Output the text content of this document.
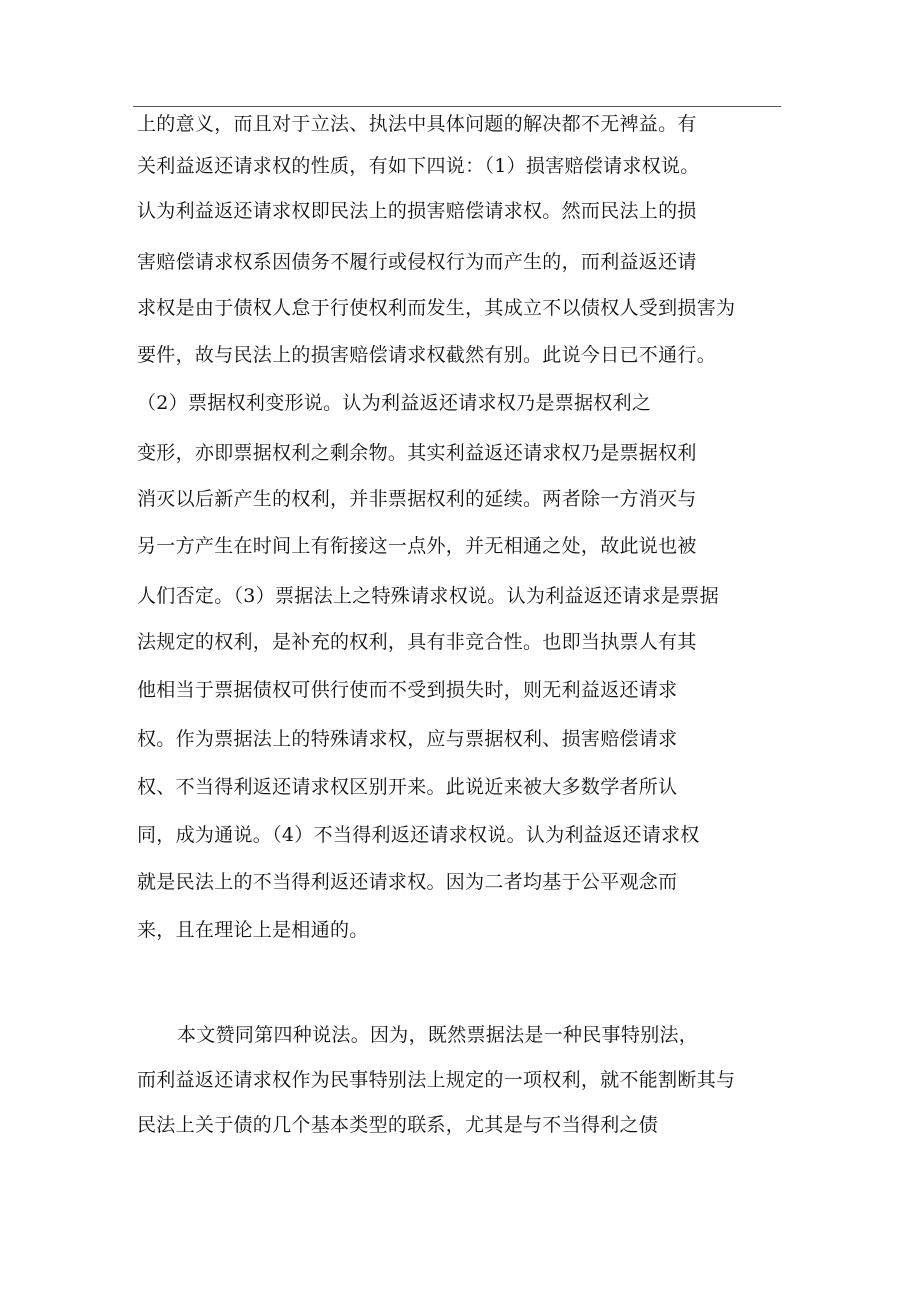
上的意义，而且对于立法、执法中具体问题的解决都不无裨益。有
关利益返还请求权的性质，有如下四说：（1）损害赔偿请求权说。
认为利益返还请求权即民法上的损害赔偿请求权。然而民法上的损
害赔偿请求权系因债务不履行或侵权行为而产生的，而利益返还请
求权是由于债权人怠于行使权利而发生，其成立不以债权人受到损害为
要件，故与民法上的损害赔偿请求权截然有别。此说今日已不通行。
（2）票据权利变形说。认为利益返还请求权乃是票据权利之
变形，亦即票据权利之剩余物。其实利益返还请求权乃是票据权利
消灭以后新产生的权利，并非票据权利的延续。两者除一方消灭与
另一方产生在时间上有衔接这一点外，并无相通之处，故此说也被
人们否定。（3）票据法上之特殊请求权说。认为利益返还请求是票据
法规定的权利，是补充的权利，具有非竞合性。也即当执票人有其
他相当于票据债权可供行使而不受到损失时，则无利益返还请求
权。作为票据法上的特殊请求权，应与票据权利、损害赔偿请求
权、不当得利返还请求权区别开来。此说近来被大多数学者所认
同，成为通说。（4）不当得利返还请求权说。认为利益返还请求权
就是民法上的不当得利返还请求权。因为二者均基于公平观念而
来，且在理论上是相通的。
本文赞同第四种说法。因为，既然票据法是一种民事特别法，
而利益返还请求权作为民事特别法上规定的一项权利，就不能割断其与
民法上关于债的几个基本类型的联系，尤其是与不当得利之债
